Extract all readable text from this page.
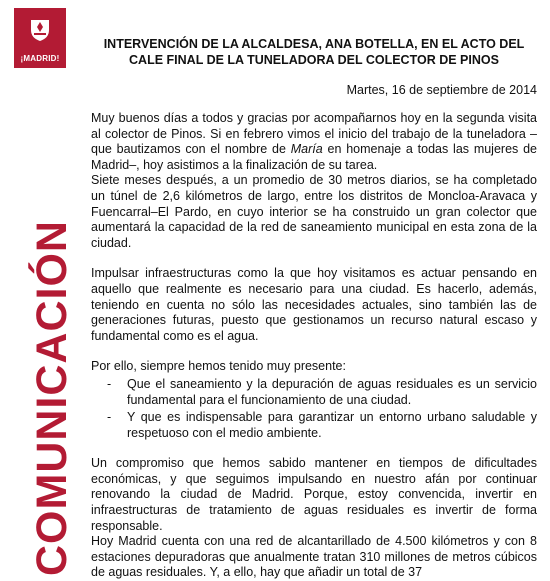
¡MADRID!
COMUNICACIÓN
INTERVENCIÓN DE LA ALCALDESA, ANA BOTELLA, EN EL ACTO DEL CALE FINAL DE LA TUNELADORA DEL COLECTOR DE PINOS
Martes, 16 de septiembre de 2014

Muy buenos días a todos y gracias por acompañarnos hoy en la segunda visita al colector de Pinos. Si en febrero vimos el inicio del trabajo de la tuneladora –que bautizamos con el nombre de María en homenaje a todas las mujeres de Madrid–, hoy asistimos a la finalización de su tarea.

Siete meses después, a un promedio de 30 metros diarios, se ha completado un túnel de 2,6 kilómetros de largo, entre los distritos de Moncloa-Aravaca y Fuencarral–El Pardo, en cuyo interior se ha construido un gran colector que aumentará la capacidad de la red de saneamiento municipal en esta zona de la ciudad.

Impulsar infraestructuras como la que hoy visitamos es actuar pensando en aquello que realmente es necesario para una ciudad. Es hacerlo, además, teniendo en cuenta no sólo las necesidades actuales, sino también las de generaciones futuras, puesto que gestionamos un recurso natural escaso y fundamental como es el agua.

Por ello, siempre hemos tenido muy presente:

- Que el saneamiento y la depuración de aguas residuales es un servicio fundamental para el funcionamiento de una ciudad.
- Y que es indispensable para garantizar un entorno urbano saludable y respetuoso con el medio ambiente.

Un compromiso que hemos sabido mantener en tiempos de dificultades económicas, y que seguimos impulsando en nuestro afán por continuar renovando la ciudad de Madrid. Porque, estoy convencida, invertir en infraestructuras de tratamiento de aguas residuales es invertir de forma responsable.

Hoy Madrid cuenta con una red de alcantarillado de 4.500 kilómetros y con 8 estaciones depuradoras que anualmente tratan 310 millones de metros cúbicos de aguas residuales. Y, a ello, hay que añadir un total de 37
